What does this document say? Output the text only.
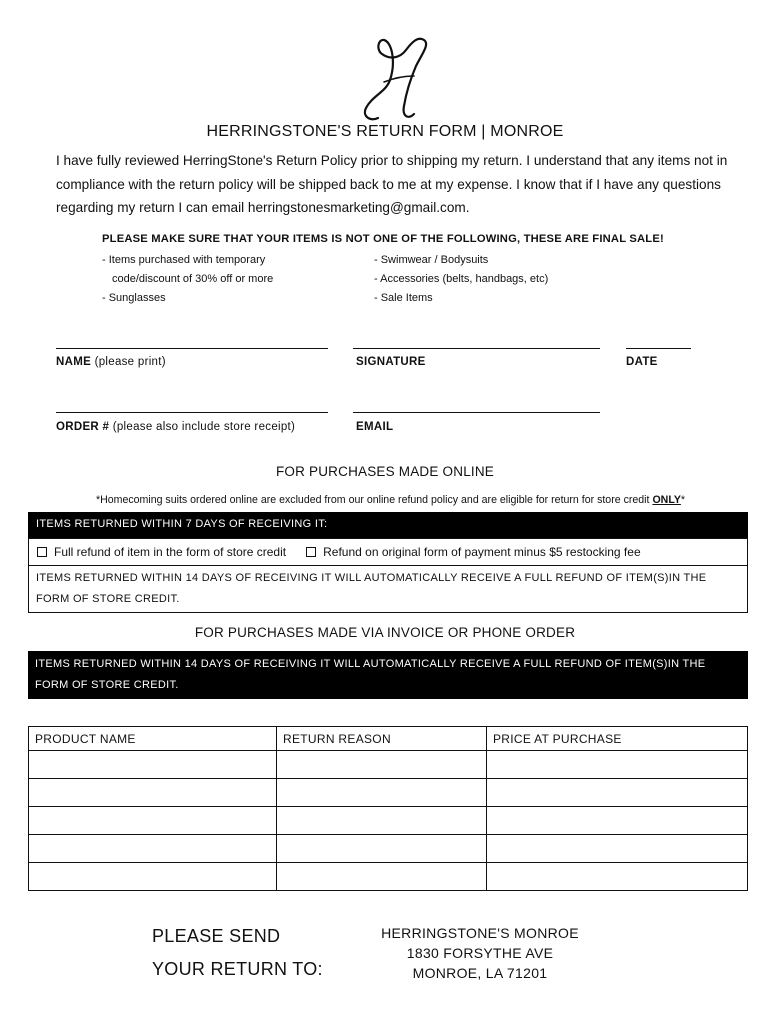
HERRINGSTONE'S RETURN FORM | MONROE
I have fully reviewed HerringStone's Return Policy prior to shipping my return. I understand that any items not in compliance with the return policy will be shipped back to me at my expense. I know that if I have any questions regarding my return I can email herringstonesmarketing@gmail.com.
PLEASE MAKE SURE THAT YOUR ITEMS IS NOT ONE OF THE FOLLOWING, THESE ARE FINAL SALE!
- Items purchased with temporary
code/discount of 30% off or more
- Sunglasses
- Swimwear / Bodysuits
- Accessories (belts, handbags, etc)
- Sale Items
NAME (please print)	SIGNATURE	DATE
ORDER # (please also include store receipt)	EMAIL
FOR PURCHASES MADE ONLINE
*Homecoming suits ordered online are excluded from our online refund policy and are eligible for return for store credit ONLY*
ITEMS RETURNED WITHIN 7 DAYS OF RECEIVING IT:
Full refund of item in the form of store credit	Refund on original form of payment minus $5 restocking fee
ITEMS RETURNED WITHIN 14 DAYS OF RECEIVING IT WILL AUTOMATICALLY RECEIVE A FULL REFUND OF ITEM(S)IN THE
FORM OF STORE CREDIT.
FOR PURCHASES MADE VIA INVOICE OR PHONE ORDER
ITEMS RETURNED WITHIN 14 DAYS OF RECEIVING IT WILL AUTOMATICALLY RECEIVE A FULL REFUND OF ITEM(S)IN THE
FORM OF STORE CREDIT.
PRODUCT NAME	RETURN REASON	PRICE AT PURCHASE

PLEASE SEND
YOUR RETURN TO:
HERRINGSTONE'S MONROE
1830 FORSYTHE AVE
MONROE, LA 71201
